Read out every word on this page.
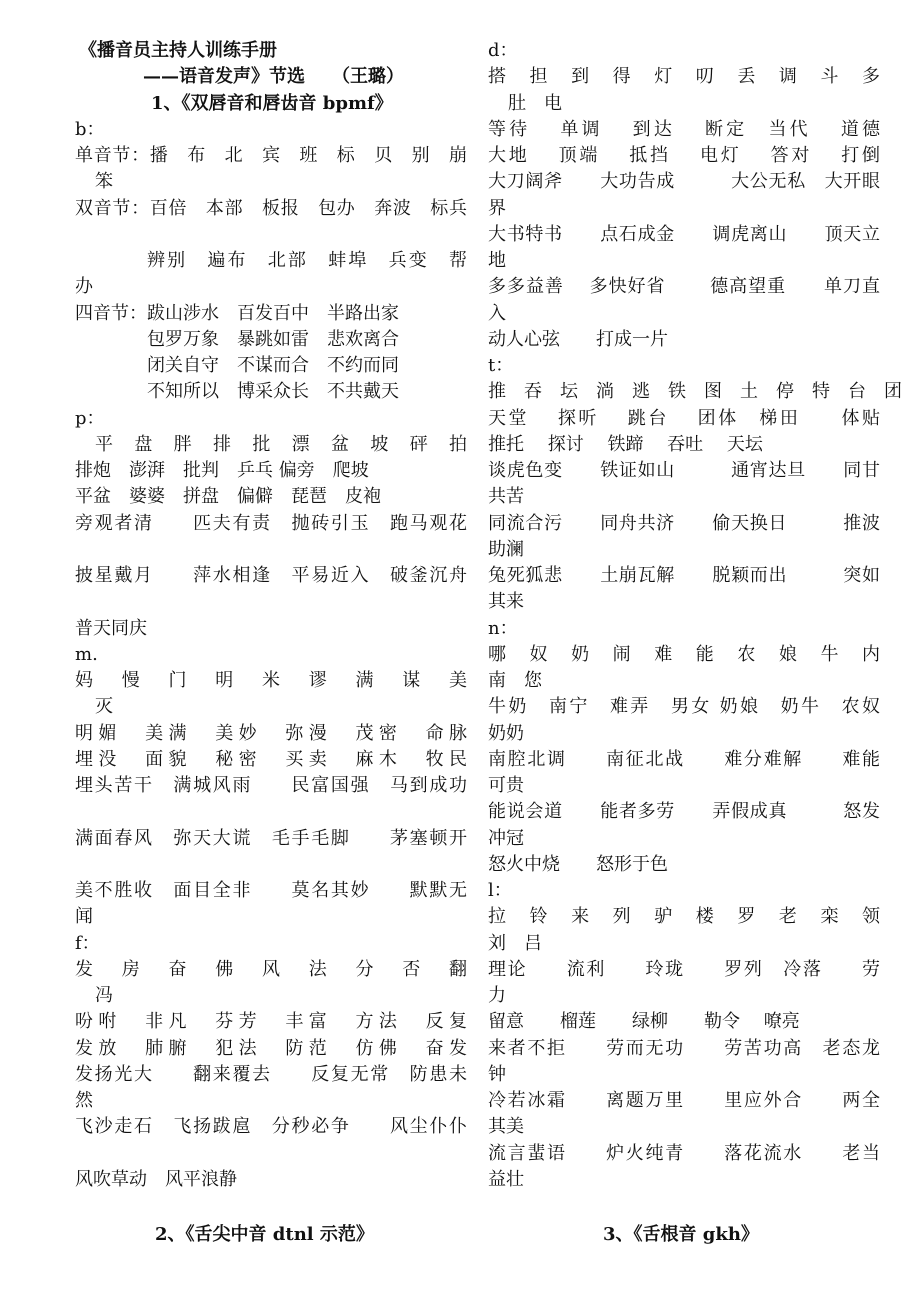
《播音员主持人训练手册
——语音发声》节选　　（王璐）
1、《双唇音和唇齿音 bpmf》
b：
单音节：播　布　北　宾　班　标　贝　别　崩
笨
双音节：百倍　本部　板报　包办　奔波　标兵
辨别　遍布　北部　蚌埠　兵变　帮
办
四音节：跋山涉水　百发百中　半路出家
包罗万象　暴跳如雷　悲欢离合
闭关自守　不谋而合　不约而同
不知所以　博采众长　不共戴天
p：
平　盘　胖　排　批　漂　盆　坡　砰　拍
排炮　澎湃　批判　乒乓 偏旁　爬坡
平盆　婆婆　拼盘　偏僻　琵琶　皮袍
旁观者清　　匹夫有责　抛砖引玉　跑马观花
披星戴月　　萍水相逢　平易近入　破釜沉舟
普天同庆
m.
妈　慢　门　明　米　谬　满　谋　美
灭
明媚　美满　美妙　弥漫　茂密　命脉
埋没　面貌　秘密　买卖　麻木　牧民
埋头苦干　满城风雨　　民富国强　马到成功
满面春风　弥天大谎　毛手毛脚　　茅塞顿开
美不胜收　面目全非　　莫名其妙　　默默无
闻
f：
发　房　奋　佛　风　法　分　否　翻
冯
吩咐　非凡　芬芳　丰富　方法　反复
发放　肺腑　犯法　防范　仿佛　奋发
发扬光大　　翻来覆去　　反复无常　防患未
然
飞沙走石　飞扬跋扈　分秒必争　　风尘仆仆
风吹草动　风平浪静
d：
搭　担　到　得　灯　叨　丢　调　斗　多
肚　电
等待　 单调　 到达　 断定　当代　 道德
大地　 顶端　 抵挡　 电灯　 答对　 打倒
大刀阔斧　　大功告成　　　大公无私　大开眼
界
大书特书　　点石成金　　调虎离山　　顶天立
地
多多益善　 多快好省　　 德高望重　　单刀直
入
动人心弦　　打成一片
t：
推　吞　坛　淌　逃　铁　图　土　停　特　台　团
天堂　 探听　 跳台　 团体　梯田　　体贴
推托　 探讨　 铁蹄　 吞吐　 天坛
谈虎色变　　铁证如山　　　通宵达旦　　同甘
共苦
同流合污　　同舟共济　　偷天换日　　　推波
助澜
兔死狐悲　　土崩瓦解　　脱颖而出　　　突如
其来
n：
哪　奴　奶　闹　难　能　农　娘　牛　内
南　您
牛奶　南宁　难弄　男女 奶娘　奶牛　农奴
奶奶
南腔北调　　南征北战　　难分难解　　难能
可贵
能说会道　　能者多劳　　弄假成真　　　怒发
冲冠
怒火中烧　　怒形于色
l：
拉　铃　来　列　驴　楼　罗　老　栾　领
刘　吕
理论　　流利　　玲珑　　罗列　冷落　　劳
力
留意　　榴莲　　绿柳　　勒令　 嘹亮
来者不拒　　劳而无功　　劳苦功高　老态龙
钟
冷若冰霜　　离题万里　　里应外合　　两全
其美
流言蜚语　　炉火纯青　　落花流水　　老当
益壮
2、《舌尖中音 dtnl 示范》	3、《舌根音 gkh》
